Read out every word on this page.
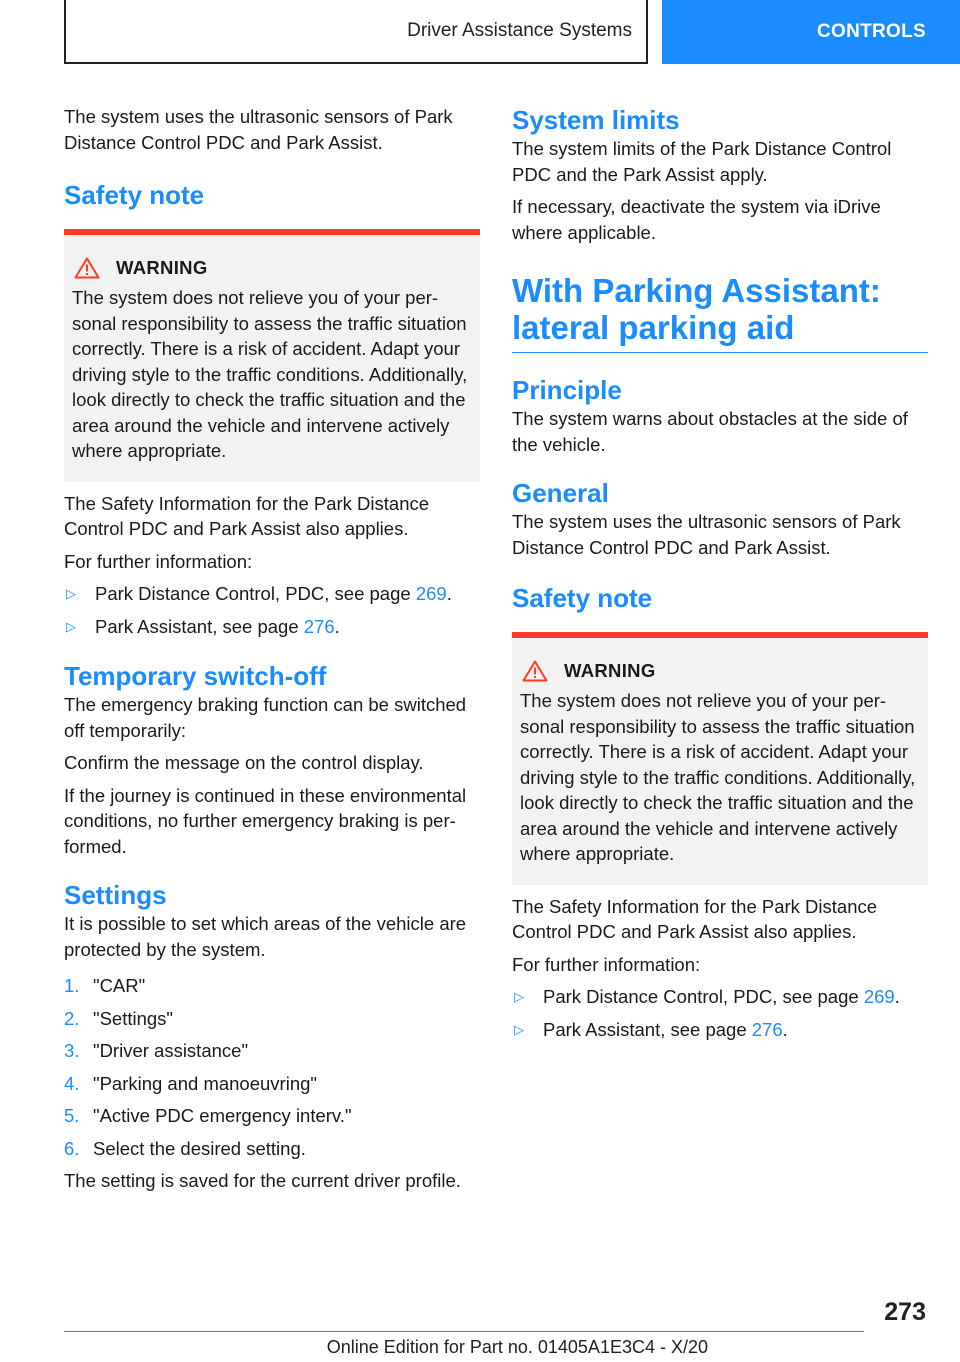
Driver Assistance Systems	CONTROLS

The system uses the ultrasonic sensors of Park Distance Control PDC and Park Assist.

Safety note
WARNING

The system does not relieve you of your personal responsibility to assess the traffic situation correctly. There is a risk of accident. Adapt your driving style to the traffic conditions. Additionally, look directly to check the traffic situation and the area around the vehicle and intervene actively where appropriate.

The Safety Information for the Park Distance Control PDC and Park Assist also applies.

For further information:

▷	Park Distance Control, PDC, see page 269.
▷	Park Assistant, see page 276.
Temporary switch-off

The emergency braking function can be switched off temporarily:

Confirm the message on the control display.

If the journey is continued in these environmental conditions, no further emergency braking is performed.

Settings

It is possible to set which areas of the vehicle are protected by the system.

1. "CAR"
2. "Settings"
3. "Driver assistance"
4. "Parking and manoeuvring"
5. "Active PDC emergency interv."
6. Select the desired setting.

The setting is saved for the current driver profile.

System limits

The system limits of the Park Distance Control PDC and the Park Assist apply.

If necessary, deactivate the system via iDrive where applicable.

With Parking Assistant: lateral parking aid
Principle

The system warns about obstacles at the side of the vehicle.

General

The system uses the ultrasonic sensors of Park Distance Control PDC and Park Assist.

Safety note
WARNING

The system does not relieve you of your personal responsibility to assess the traffic situation correctly. There is a risk of accident. Adapt your driving style to the traffic conditions. Additionally, look directly to check the traffic situation and the area around the vehicle and intervene actively where appropriate.

The Safety Information for the Park Distance Control PDC and Park Assist also applies.

For further information:

▷	Park Distance Control, PDC, see page 269.
▷	Park Assistant, see page 276.
273
Online Edition for Part no. 01405A1E3C4 - X/20
